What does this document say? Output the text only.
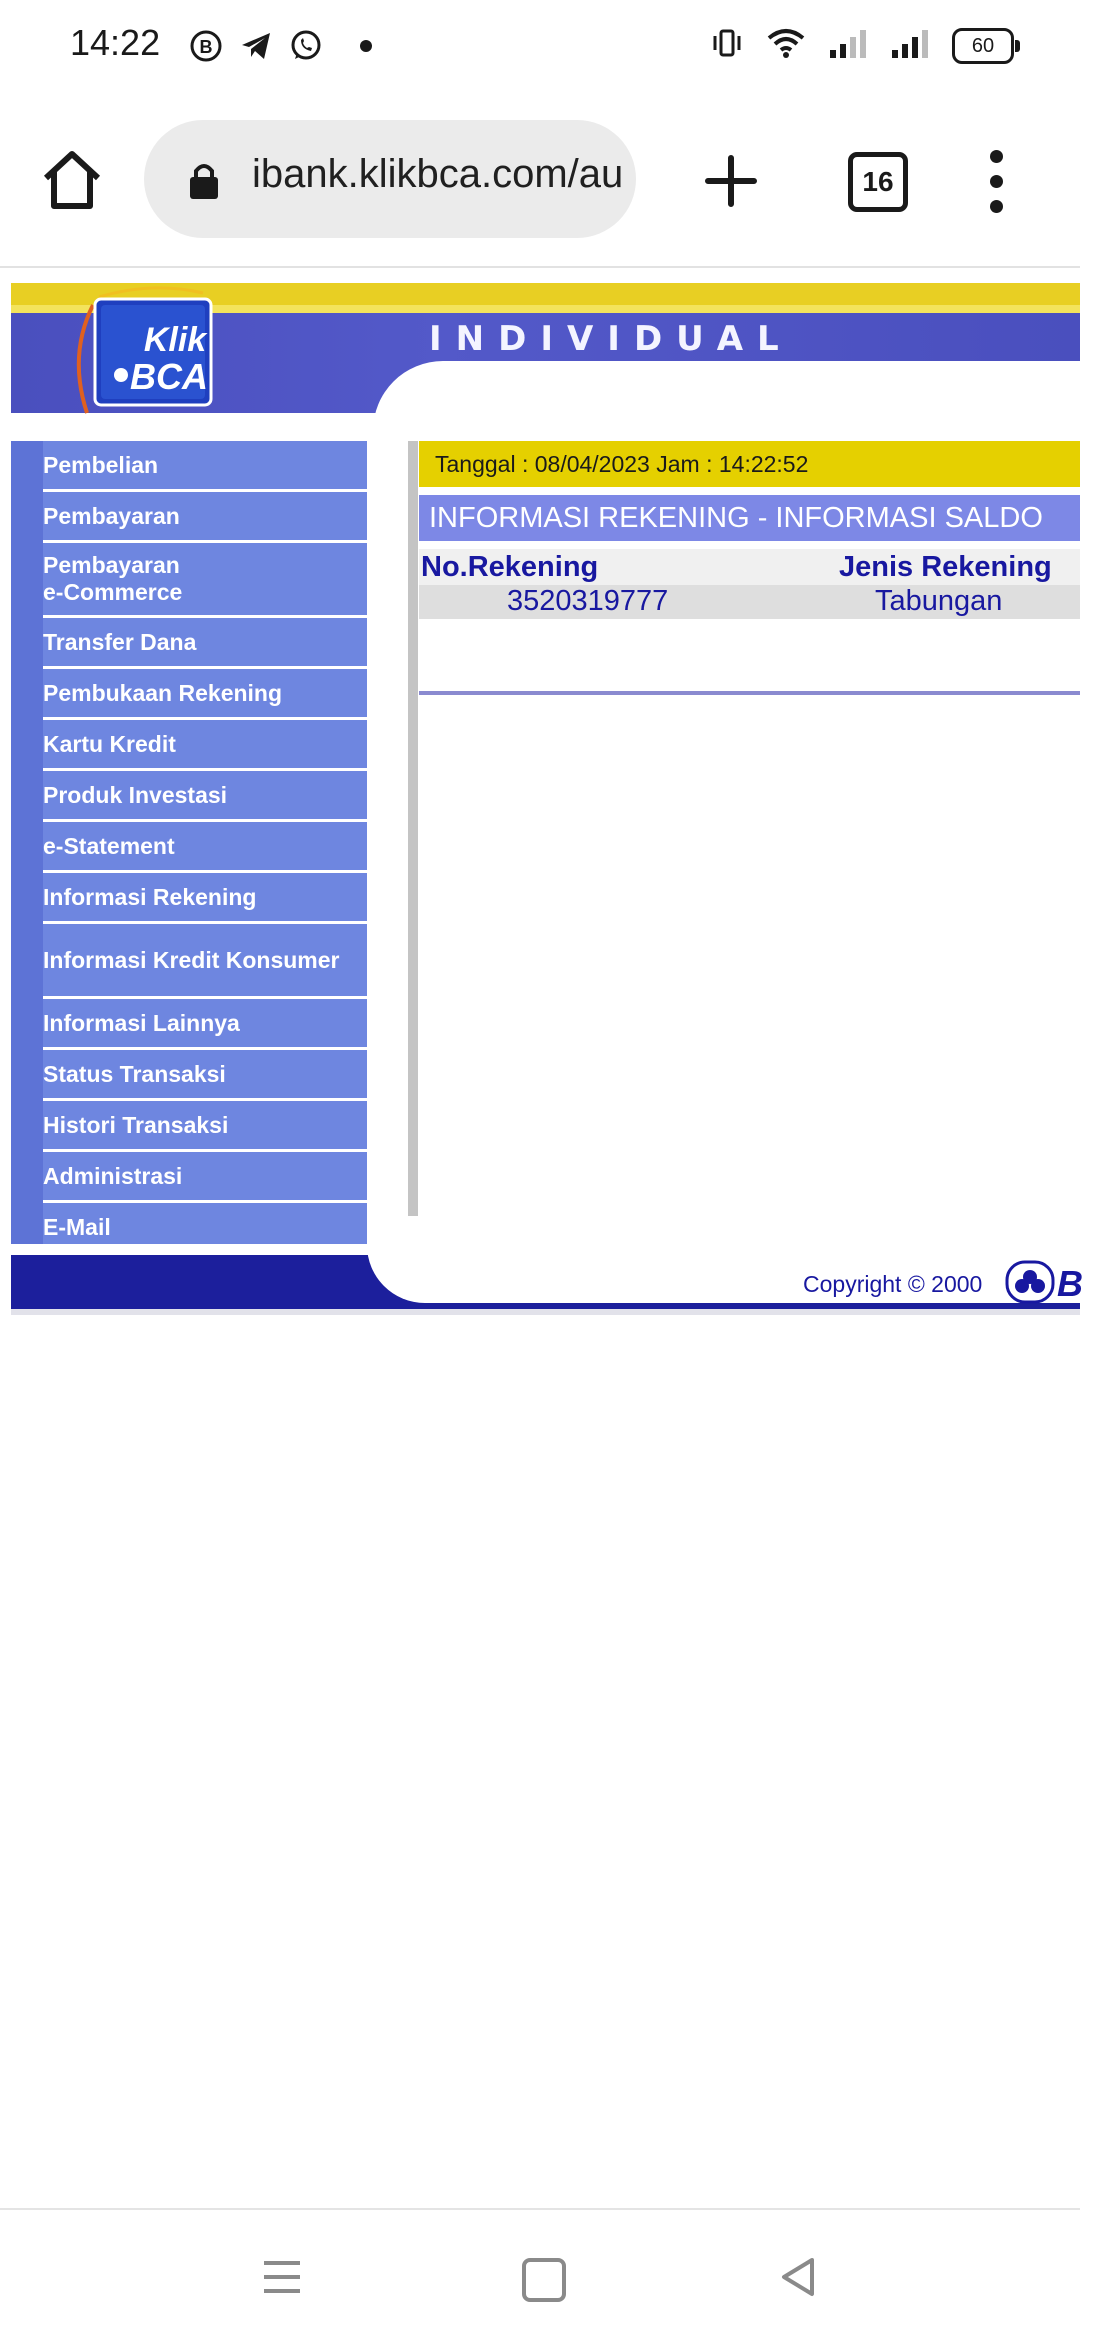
14:22 B	60
ibank.klikbca.com/au	16
INDIVIDUAL
Klik
BCA
Pembelian
Pembayaran
Pembayaran
e-Commerce
Transfer Dana
Pembukaan Rekening
Kartu Kredit
Produk Investasi
e-Statement
Informasi Rekening
Informasi Kredit Konsumer
Informasi Lainnya
Status Transaksi
Histori Transaksi
Administrasi
E-Mail
Tanggal : 08/04/2023 Jam : 14:22:52
INFORMASI REKENING - INFORMASI SALDO
No.Rekening	Jenis Rekening
3520319777	Tabungan
Copyright © 2000 B
